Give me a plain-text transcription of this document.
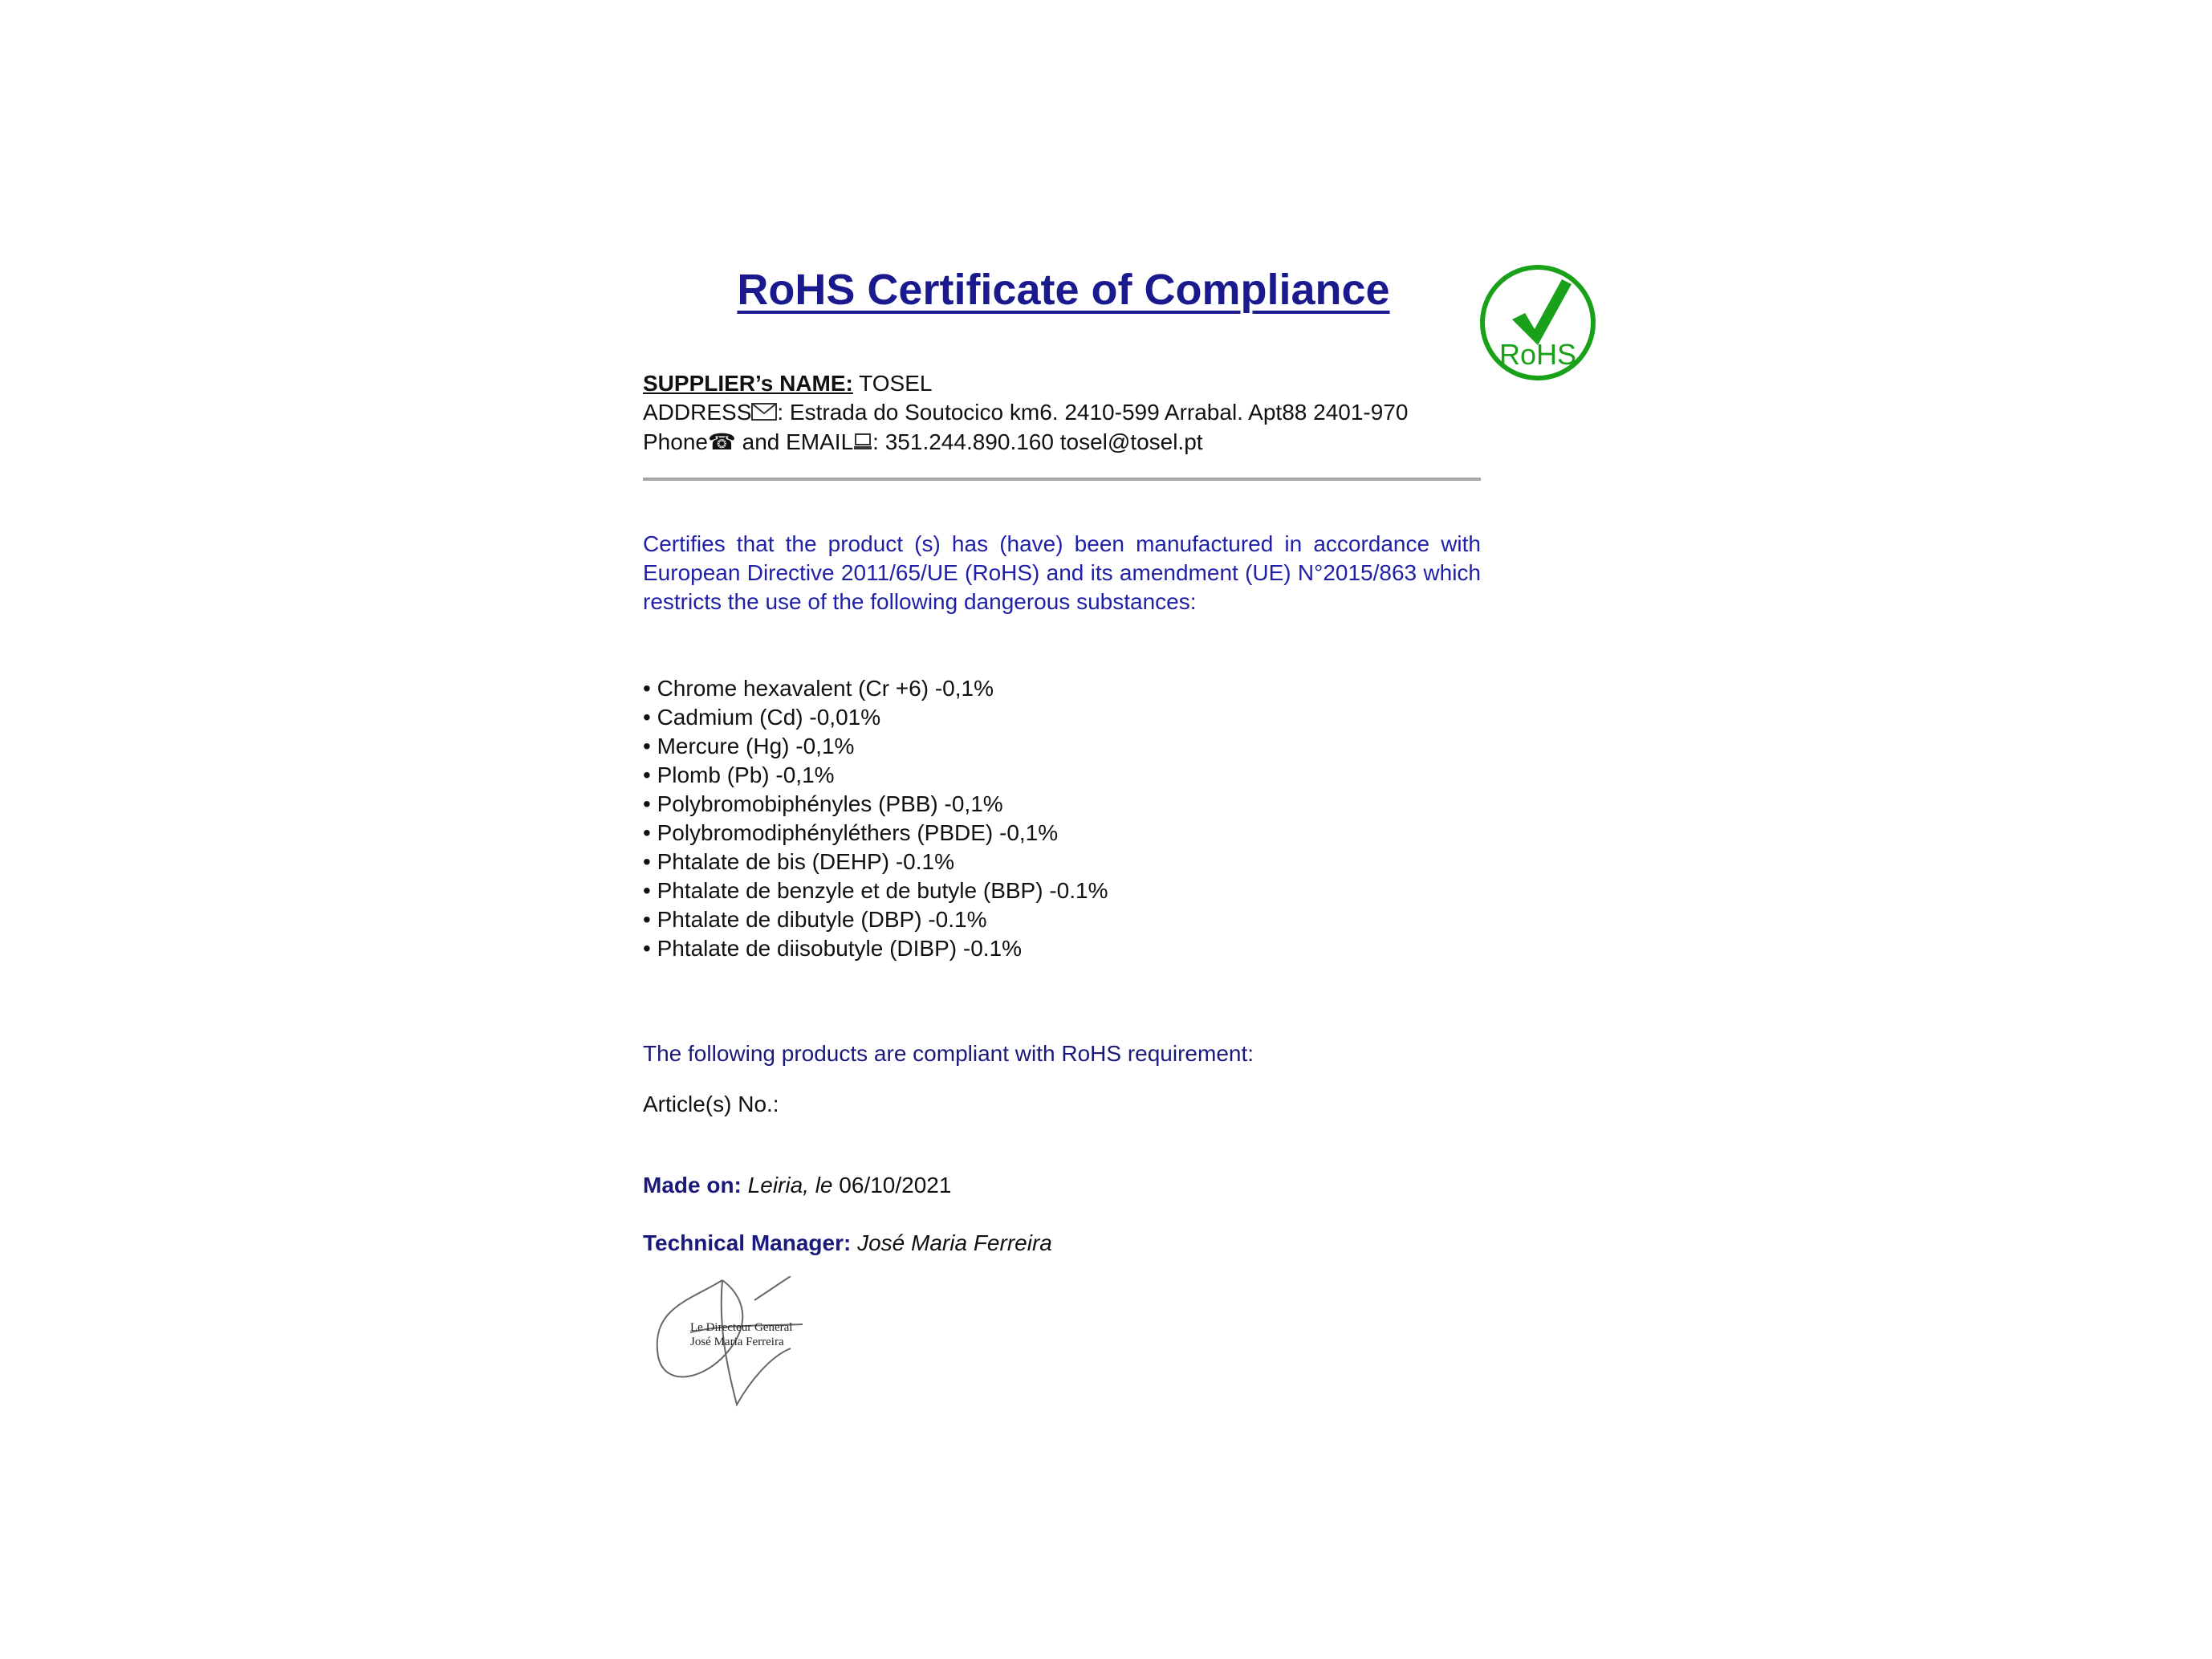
RoHS Certificate of Compliance
RoHS
SUPPLIER’s NAME: TOSEL
ADDRESS : Estrada do Soutocico km6. 2410-599 Arrabal. Apt88 2401-970
Phone☎ and EMAIL : 351.244.890.160 tosel@tosel.pt
Certifies that the product (s) has (have) been manufactured in accordance with European Directive 2011/65/UE (RoHS) and its amendment (UE) N°2015/863 which restricts the use of the following dangerous substances:
• Chrome hexavalent (Cr +6) -0,1%
• Cadmium (Cd) -0,01%
• Mercure (Hg) -0,1%
• Plomb (Pb) -0,1%
• Polybromobiphényles (PBB) -0,1%
• Polybromodiphényléthers (PBDE) -0,1%
• Phtalate de bis (DEHP) -0.1%
• Phtalate de benzyle et de butyle (BBP) -0.1%
• Phtalate de dibutyle (DBP) -0.1%
• Phtalate de diisobutyle (DIBP) -0.1%
The following products are compliant with RoHS requirement:
Article(s) No.:
Made on: Leiria, le 06/10/2021
Technical Manager: José Maria Ferreira
Le Directeur General
José Maria Ferreira
